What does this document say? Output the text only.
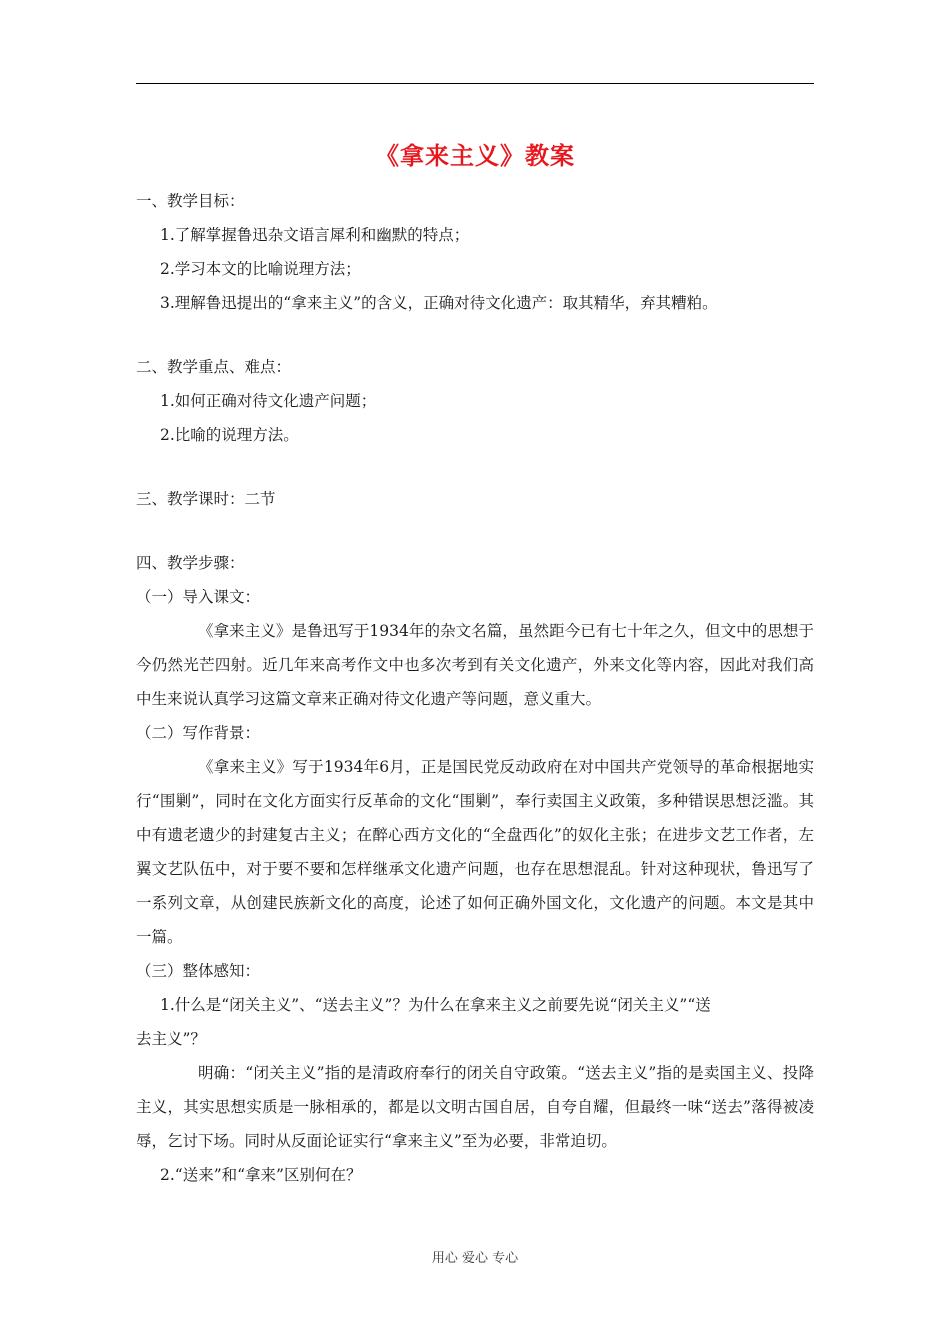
《拿来主义》教案

一、教学目标：

1.了解掌握鲁迅杂文语言犀利和幽默的特点；

2.学习本文的比喻说理方法；

3.理解鲁迅提出的“拿来主义”的含义，正确对待文化遗产：取其精华，弃其糟粕。

二、教学重点、难点：

1.如何正确对待文化遗产问题；

2.比喻的说理方法。

三、教学课时：二节

四、教学步骤：

（一）导入课文：

《拿来主义》是鲁迅写于1934年的杂文名篇，虽然距今已有七十年之久，但文中的思想于今仍然光芒四射。近几年来高考作文中也多次考到有关文化遗产，外来文化等内容，因此对我们高中生来说认真学习这篇文章来正确对待文化遗产等问题，意义重大。

（二）写作背景：

《拿来主义》写于1934年6月，正是国民党反动政府在对中国共产党领导的革命根据地实行“围剿”，同时在文化方面实行反革命的文化“围剿”，奉行卖国主义政策，多种错误思想泛滥。其中有遗老遗少的封建复古主义；在醉心西方文化的“全盘西化”的奴化主张；在进步文艺工作者，左翼文艺队伍中，对于要不要和怎样继承文化遗产问题，也存在思想混乱。针对这种现状，鲁迅写了一系列文章，从创建民族新文化的高度，论述了如何正确外国文化，文化遗产的问题。本文是其中一篇。

（三）整体感知：

1.什么是“闭关主义”、“送去主义”？为什么在拿来主义之前要先说“闭关主义”“送

去主义”？

明确：“闭关主义”指的是清政府奉行的闭关自守政策。“送去主义”指的是卖国主义、投降主义，其实思想实质是一脉相承的，都是以文明古国自居，自夸自耀，但最终一味“送去”落得被凌辱，乞讨下场。同时从反面论证实行“拿来主义”至为必要，非常迫切。

2.“送来”和“拿来”区别何在？

用心 爱心 专心
